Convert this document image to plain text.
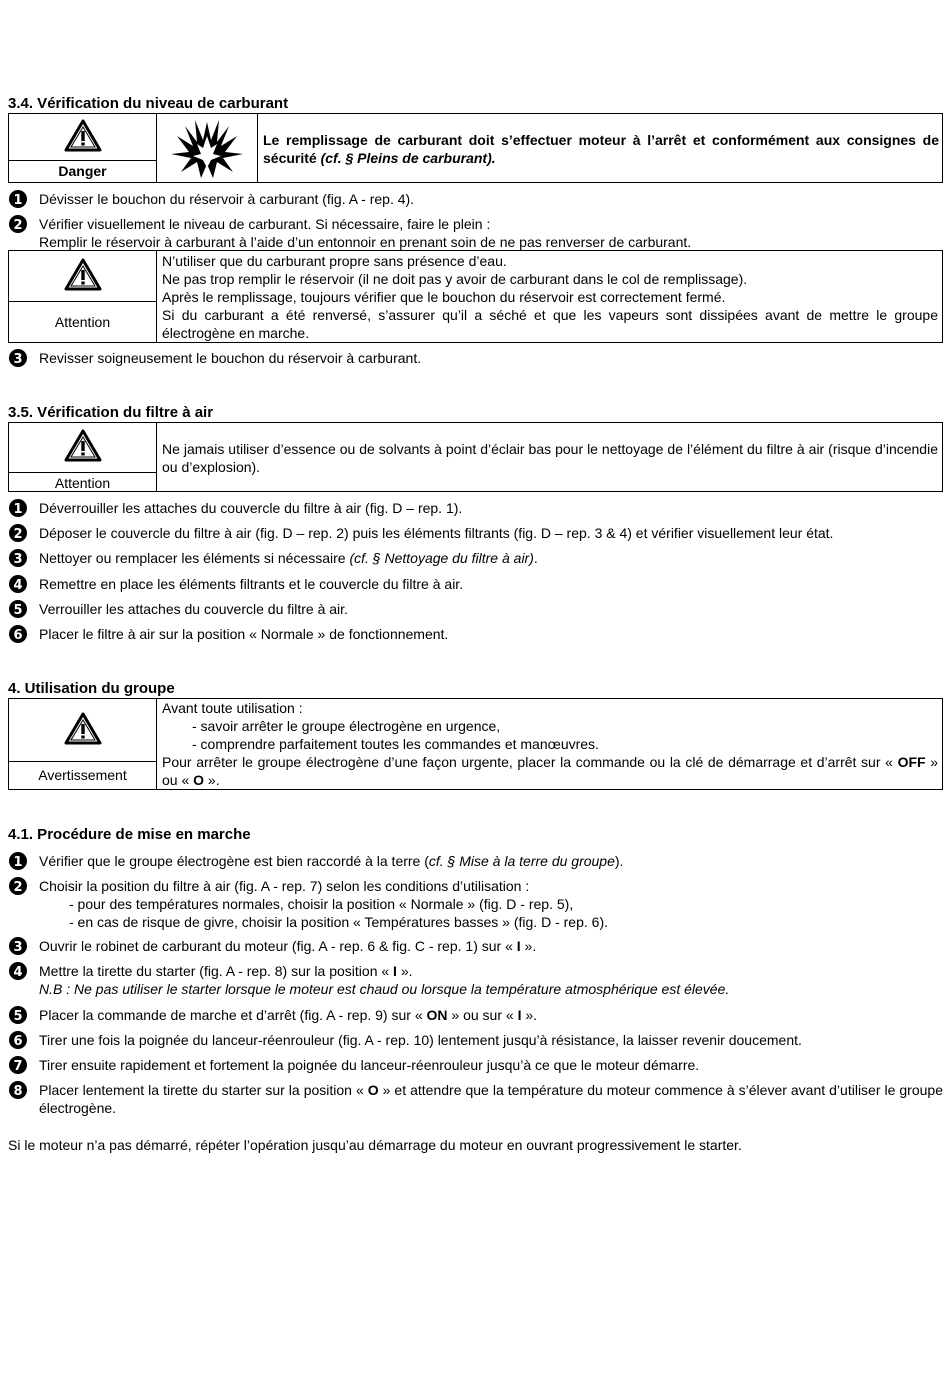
3.4. Vérification du niveau de carburant
Danger
Le remplissage de carburant doit s’effectuer moteur à l’arrêt et conformément aux consignes de sécurité (cf. § Pleins de carburant).
1 Dévisser le bouchon du réservoir à carburant (fig. A - rep. 4).
2 Vérifier visuellement le niveau de carburant. Si nécessaire, faire le plein :
Remplir le réservoir à carburant à l’aide d’un entonnoir en prenant soin de ne pas renverser de carburant.
Attention
N’utiliser que du carburant propre sans présence d’eau.
Ne pas trop remplir le réservoir (il ne doit pas y avoir de carburant dans le col de remplissage).
Après le remplissage, toujours vérifier que le bouchon du réservoir est correctement fermé.
Si du carburant a été renversé, s’assurer qu’il a séché et que les vapeurs sont dissipées avant de mettre le groupe électrogène en marche.
3 Revisser soigneusement le bouchon du réservoir à carburant.
3.5. Vérification du filtre à air
Attention
Ne jamais utiliser d’essence ou de solvants à point d’éclair bas pour le nettoyage de l’élément du filtre à air (risque d’incendie ou d’explosion).
1 Déverrouiller les attaches du couvercle du filtre à air (fig. D – rep. 1).
2 Déposer le couvercle du filtre à air (fig. D – rep. 2) puis les éléments filtrants (fig. D – rep. 3 & 4) et vérifier visuellement leur état.
3 Nettoyer ou remplacer les éléments si nécessaire (cf. § Nettoyage du filtre à air).
4 Remettre en place les éléments filtrants et le couvercle du filtre à air.
5 Verrouiller les attaches du couvercle du filtre à air.
6 Placer le filtre à air sur la position « Normale » de fonctionnement.
4. Utilisation du groupe
Avertissement
Avant toute utilisation :
- savoir arrêter le groupe électrogène en urgence,
- comprendre parfaitement toutes les commandes et manœuvres.
Pour arrêter le groupe électrogène d’une façon urgente, placer la commande ou la clé de démarrage et d’arrêt sur « OFF » ou « O ».
4.1. Procédure de mise en marche
1 Vérifier que le groupe électrogène est bien raccordé à la terre (cf. § Mise à la terre du groupe).
2 Choisir la position du filtre à air (fig. A - rep. 7) selon les conditions d’utilisation :
- pour des températures normales, choisir la position « Normale » (fig. D - rep. 5),
- en cas de risque de givre, choisir la position « Températures basses » (fig. D - rep. 6).
3 Ouvrir le robinet de carburant du moteur (fig. A - rep. 6 & fig. C - rep. 1) sur « I ».
4 Mettre la tirette du starter (fig. A - rep. 8) sur la position « I ».
N.B : Ne pas utiliser le starter lorsque le moteur est chaud ou lorsque la température atmosphérique est élevée.
5 Placer la commande de marche et d’arrêt (fig. A - rep. 9) sur « ON » ou sur « I ».
6 Tirer une fois la poignée du lanceur-réenrouleur (fig. A - rep. 10) lentement jusqu’à résistance, la laisser revenir doucement.
7 Tirer ensuite rapidement et fortement la poignée du lanceur-réenrouleur jusqu’à ce que le moteur démarre.
8 Placer lentement la tirette du starter sur la position « O » et attendre que la température du moteur commence à s’élever avant d’utiliser le groupe électrogène.
Si le moteur n’a pas démarré, répéter l’opération jusqu’au démarrage du moteur en ouvrant progressivement le starter.
